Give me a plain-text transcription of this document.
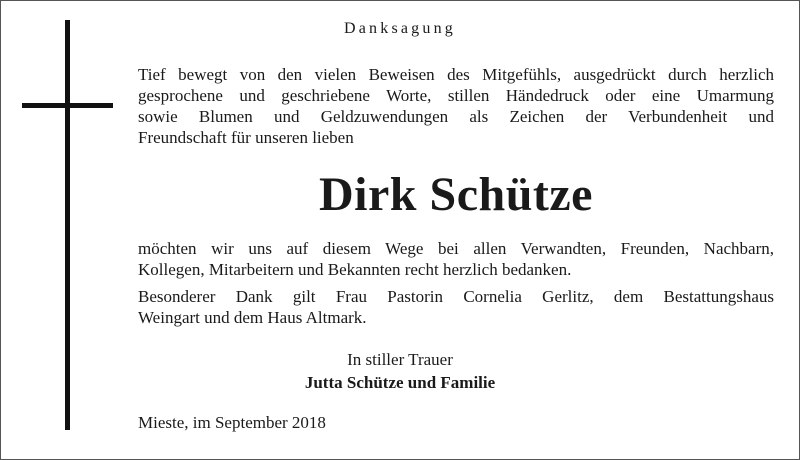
Danksagung
Tief bewegt von den vielen Beweisen des Mitgefühls, ausgedrückt durch herzlich
gesprochene und geschriebene Worte, stillen Händedruck oder eine Umarmung
sowie Blumen und Geldzuwendungen als Zeichen der Verbundenheit und
Freundschaft für unseren lieben
Dirk Schütze
möchten wir uns auf diesem Wege bei allen Verwandten, Freunden, Nachbarn,
Kollegen, Mitarbeitern und Bekannten recht herzlich bedanken.
Besonderer Dank gilt Frau Pastorin Cornelia Gerlitz, dem Bestattungshaus
Weingart und dem Haus Altmark.
In stiller Trauer
Jutta Schütze und Familie
Mieste, im September 2018
